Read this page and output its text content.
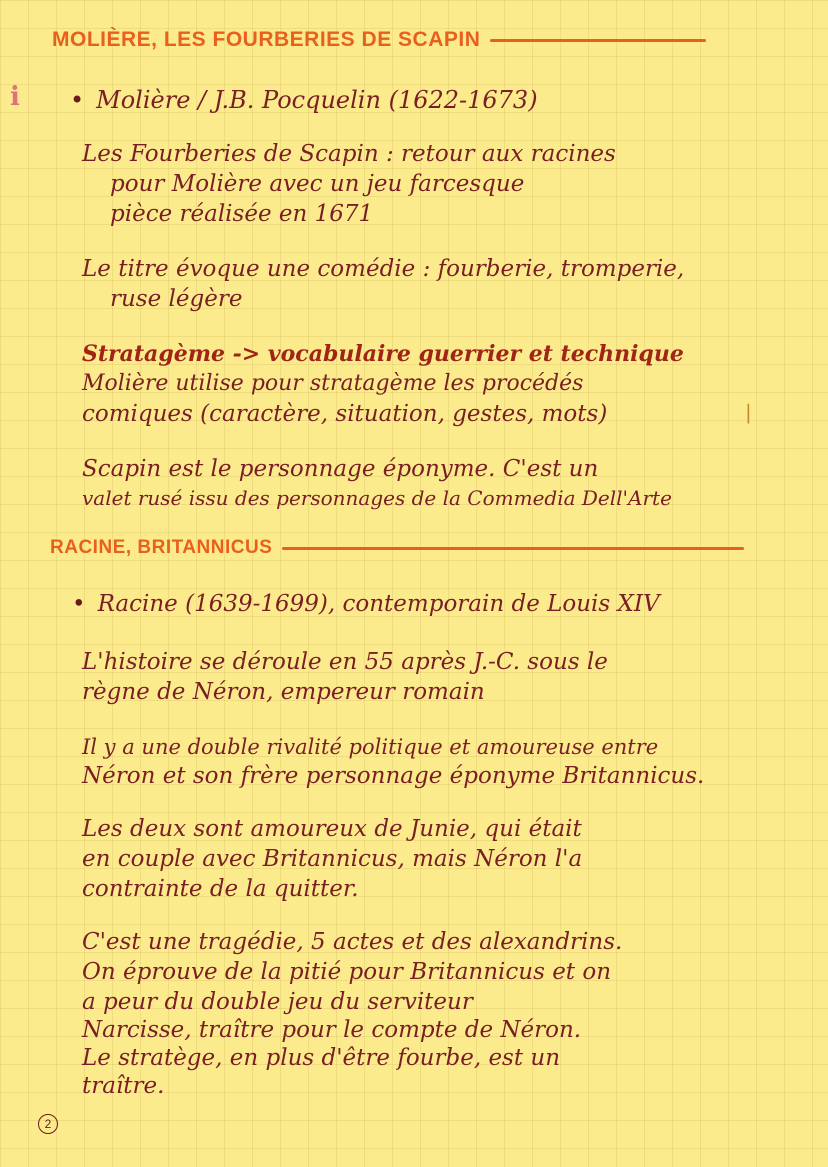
i
MOLIÈRE, LES FOURBERIES DE SCAPIN
• Molière / J.B. Pocquelin (1622-1673)
Les Fourberies de Scapin : retour aux racines
pour Molière avec un jeu farcesque
pièce réalisée en 1671
Le titre évoque une comédie : fourberie, tromperie,
ruse légère
Stratagème -> vocabulaire guerrier et technique
Molière utilise pour stratagème les procédés
comiques (caractère, situation, gestes, mots)	|
Scapin est le personnage éponyme. C'est un
valet rusé issu des personnages de la Commedia Dell'Arte
RACINE, BRITANNICUS
• Racine (1639-1699), contemporain de Louis XIV
L'histoire se déroule en 55 après J.-C. sous le
règne de Néron, empereur romain
Il y a une double rivalité politique et amoureuse entre
Néron et son frère personnage éponyme Britannicus.
Les deux sont amoureux de Junie, qui était
en couple avec Britannicus, mais Néron l'a
contrainte de la quitter.
C'est une tragédie, 5 actes et des alexandrins.
On éprouve de la pitié pour Britannicus et on
a peur du double jeu du serviteur
Narcisse, traître pour le compte de Néron.
Le stratège, en plus d'être fourbe, est un
traître.
2
